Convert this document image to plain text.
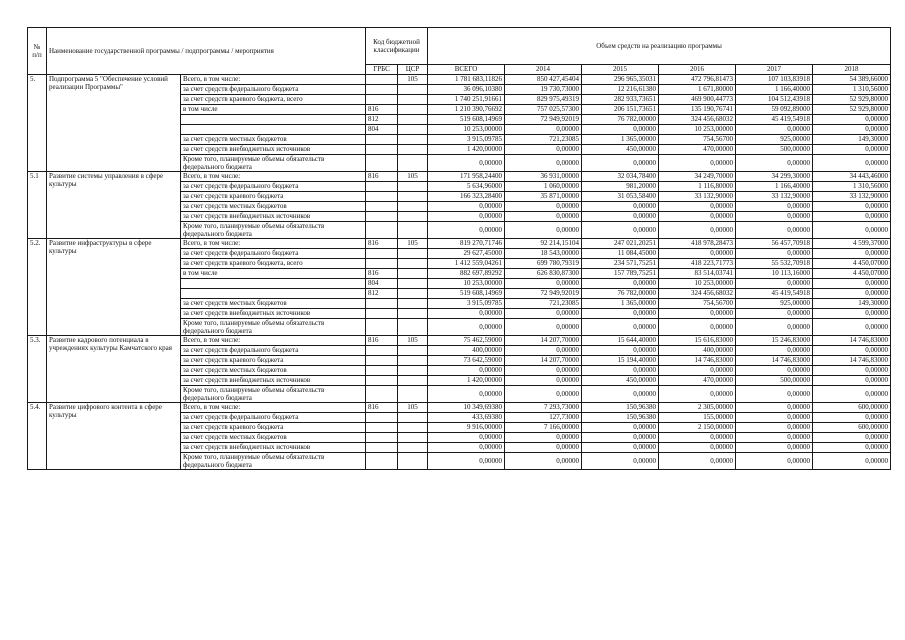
№ п/п	Наименование государственной программы / подпрограммы / мероприятия		Код бюджетной классификации		Объем средств на реализацию программы					
			ГРБС	ЦСР	ВСЕГО	2014	2015	2016	2017	2018
5.	Подпрограмма 5 "Обеспечение условий реализации Программы"	Всего, в том числе:		105	1 781 683,11826	850 427,45404	296 965,35031	472 796,81473	107 103,83918	54 389,66000
		за счет средств федерального бюджета			36 096,10380	19 730,73000	12 216,61380	1 671,80000	1 166,40000	1 310,56000
		за счет средств краевого бюджета, всего			1 740 251,91661	829 975,49319	282 933,73651	469 900,44773	104 512,43918	52 929,80000
		в том числе	816		1 210 390,76692	757 025,57300	206 151,73651	135 190,76741	59 092,89000	52 929,80000
			812		519 608,14969	72 949,92019	76 782,00000	324 456,68032	45 419,54918	0,00000
			804		10 253,00000	0,00000	0,00000	10 253,00000	0,00000	0,00000
		за счет средств местных бюджетов			3 915,09785	721,23085	1 365,00000	754,56700	925,00000	149,30000
		за счет средств внебюджетных источников			1 420,00000	0,00000	450,00000	470,00000	500,00000	0,00000
		Кроме того, планируемые объемы обязательств федерального бюджета			0,00000	0,00000	0,00000	0,00000	0,00000	0,00000
5.1	Развитие системы управления в сфере культуры	Всего, в том числе:	816	105	171 958,24400	36 931,00000	32 034,78400	34 249,70000	34 299,30000	34 443,46000
		за счет средств федерального бюджета			5 634,96000	1 060,00000	981,20000	1 116,80000	1 166,40000	1 310,56000
		за счет средств краевого бюджета			166 323,28400	35 871,00000	31 053,58400	33 132,90000	33 132,90000	33 132,90000
		за счет средств местных бюджетов			0,00000	0,00000	0,00000	0,00000	0,00000	0,00000
		за счет средств внебюджетных источников			0,00000	0,00000	0,00000	0,00000	0,00000	0,00000
		Кроме того, планируемые объемы обязательств федерального бюджета			0,00000	0,00000	0,00000	0,00000	0,00000	0,00000
5.2.	Развитие инфраструктуры в сфере культуры	Всего, в том числе:	816	105	819 270,71746	92 214,15104	247 021,20251	418 978,28473	56 457,70918	4 599,37000
		за счет средств федерального бюджета			29 627,45000	18 543,00000	11 084,45000	0,00000	0,00000	0,00000
		за счет средств краевого бюджета, всего			1 412 559,04261	699 780,79319	234 571,75251	418 223,71773	55 532,70918	4 450,07000
		в том числе	816		882 697,89292	626 830,87300	157 789,75251	83 514,03741	10 113,16000	4 450,07000
			804		10 253,00000	0,00000	0,00000	10 253,00000	0,00000	0,00000
			812		519 608,14969	72 949,92019	76 782,00000	324 456,68032	45 419,54918	0,00000
		за счет средств местных бюджетов			3 915,09785	721,23085	1 365,00000	754,56700	925,00000	149,30000
		за счет средств внебюджетных источников			0,00000	0,00000	0,00000	0,00000	0,00000	0,00000
		Кроме того, планируемые объемы обязательств федерального бюджета			0,00000	0,00000	0,00000	0,00000	0,00000	0,00000
5.3.	Развитие кадрового потенциала в учреждениях культуры Камчатского края	Всего, в том числе:	816	105	75 462,59000	14 207,70000	15 644,40000	15 616,83000	15 246,83000	14 746,83000
		за счет средств федерального бюджета			400,00000	0,00000	0,00000	400,00000	0,00000	0,00000
		за счет средств краевого бюджета			73 642,59000	14 207,70000	15 194,40000	14 746,83000	14 746,83000	14 746,83000
		за счет средств местных бюджетов			0,00000	0,00000	0,00000	0,00000	0,00000	0,00000
		за счет средств внебюджетных источников			1 420,00000	0,00000	450,00000	470,00000	500,00000	0,00000
		Кроме того, планируемые объемы обязательств федерального бюджета			0,00000	0,00000	0,00000	0,00000	0,00000	0,00000
5.4.	Развитие цифрового контента в сфере культуры	Всего, в том числе:	816	105	10 349,69380	7 293,73000	150,96380	2 305,00000	0,00000	600,00000
		за счет средств федерального бюджета			433,69380	127,73000	150,96380	155,00000	0,00000	0,00000
		за счет средств краевого бюджета			9 916,00000	7 166,00000	0,00000	2 150,00000	0,00000	600,00000
		за счет средств местных бюджетов			0,00000	0,00000	0,00000	0,00000	0,00000	0,00000
		за счет средств внебюджетных источников			0,00000	0,00000	0,00000	0,00000	0,00000	0,00000
		Кроме того, планируемые объемы обязательств федерального бюджета			0,00000	0,00000	0,00000	0,00000	0,00000	0,00000
